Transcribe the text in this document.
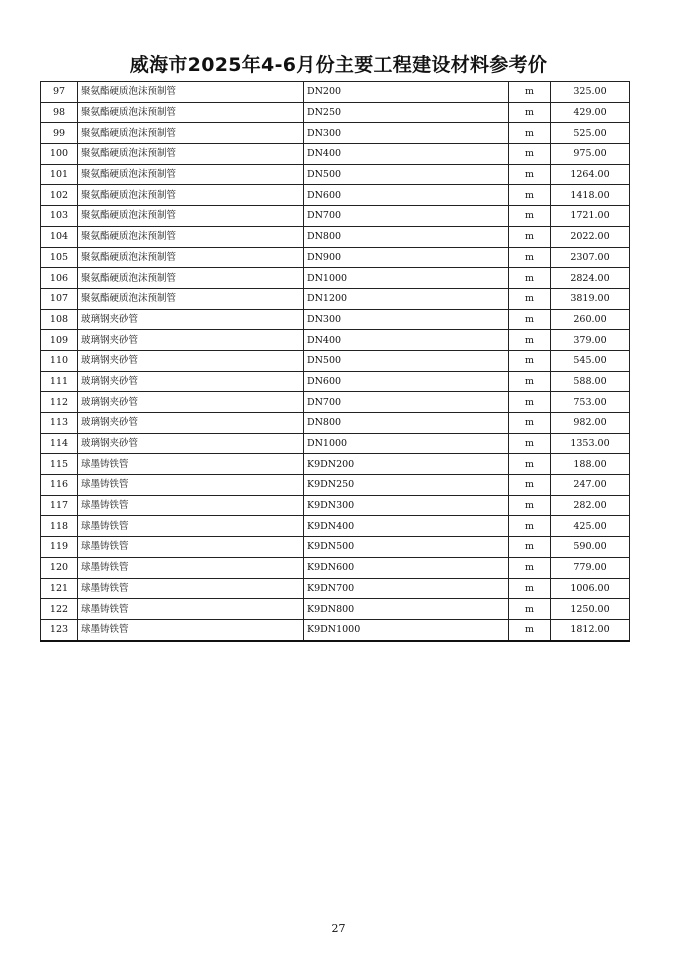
威海市2025年4-6月份主要工程建设材料参考价
97	聚氨酯硬质泡沫预制管	DN200	m	325.00
98	聚氨酯硬质泡沫预制管	DN250	m	429.00
99	聚氨酯硬质泡沫预制管	DN300	m	525.00
100	聚氨酯硬质泡沫预制管	DN400	m	975.00
101	聚氨酯硬质泡沫预制管	DN500	m	1264.00
102	聚氨酯硬质泡沫预制管	DN600	m	1418.00
103	聚氨酯硬质泡沫预制管	DN700	m	1721.00
104	聚氨酯硬质泡沫预制管	DN800	m	2022.00
105	聚氨酯硬质泡沫预制管	DN900	m	2307.00
106	聚氨酯硬质泡沫预制管	DN1000	m	2824.00
107	聚氨酯硬质泡沫预制管	DN1200	m	3819.00
108	玻璃钢夹砂管	DN300	m	260.00
109	玻璃钢夹砂管	DN400	m	379.00
110	玻璃钢夹砂管	DN500	m	545.00
111	玻璃钢夹砂管	DN600	m	588.00
112	玻璃钢夹砂管	DN700	m	753.00
113	玻璃钢夹砂管	DN800	m	982.00
114	玻璃钢夹砂管	DN1000	m	1353.00
115	球墨铸铁管	K9DN200	m	188.00
116	球墨铸铁管	K9DN250	m	247.00
117	球墨铸铁管	K9DN300	m	282.00
118	球墨铸铁管	K9DN400	m	425.00
119	球墨铸铁管	K9DN500	m	590.00
120	球墨铸铁管	K9DN600	m	779.00
121	球墨铸铁管	K9DN700	m	1006.00
122	球墨铸铁管	K9DN800	m	1250.00
123	球墨铸铁管	K9DN1000	m	1812.00
27
